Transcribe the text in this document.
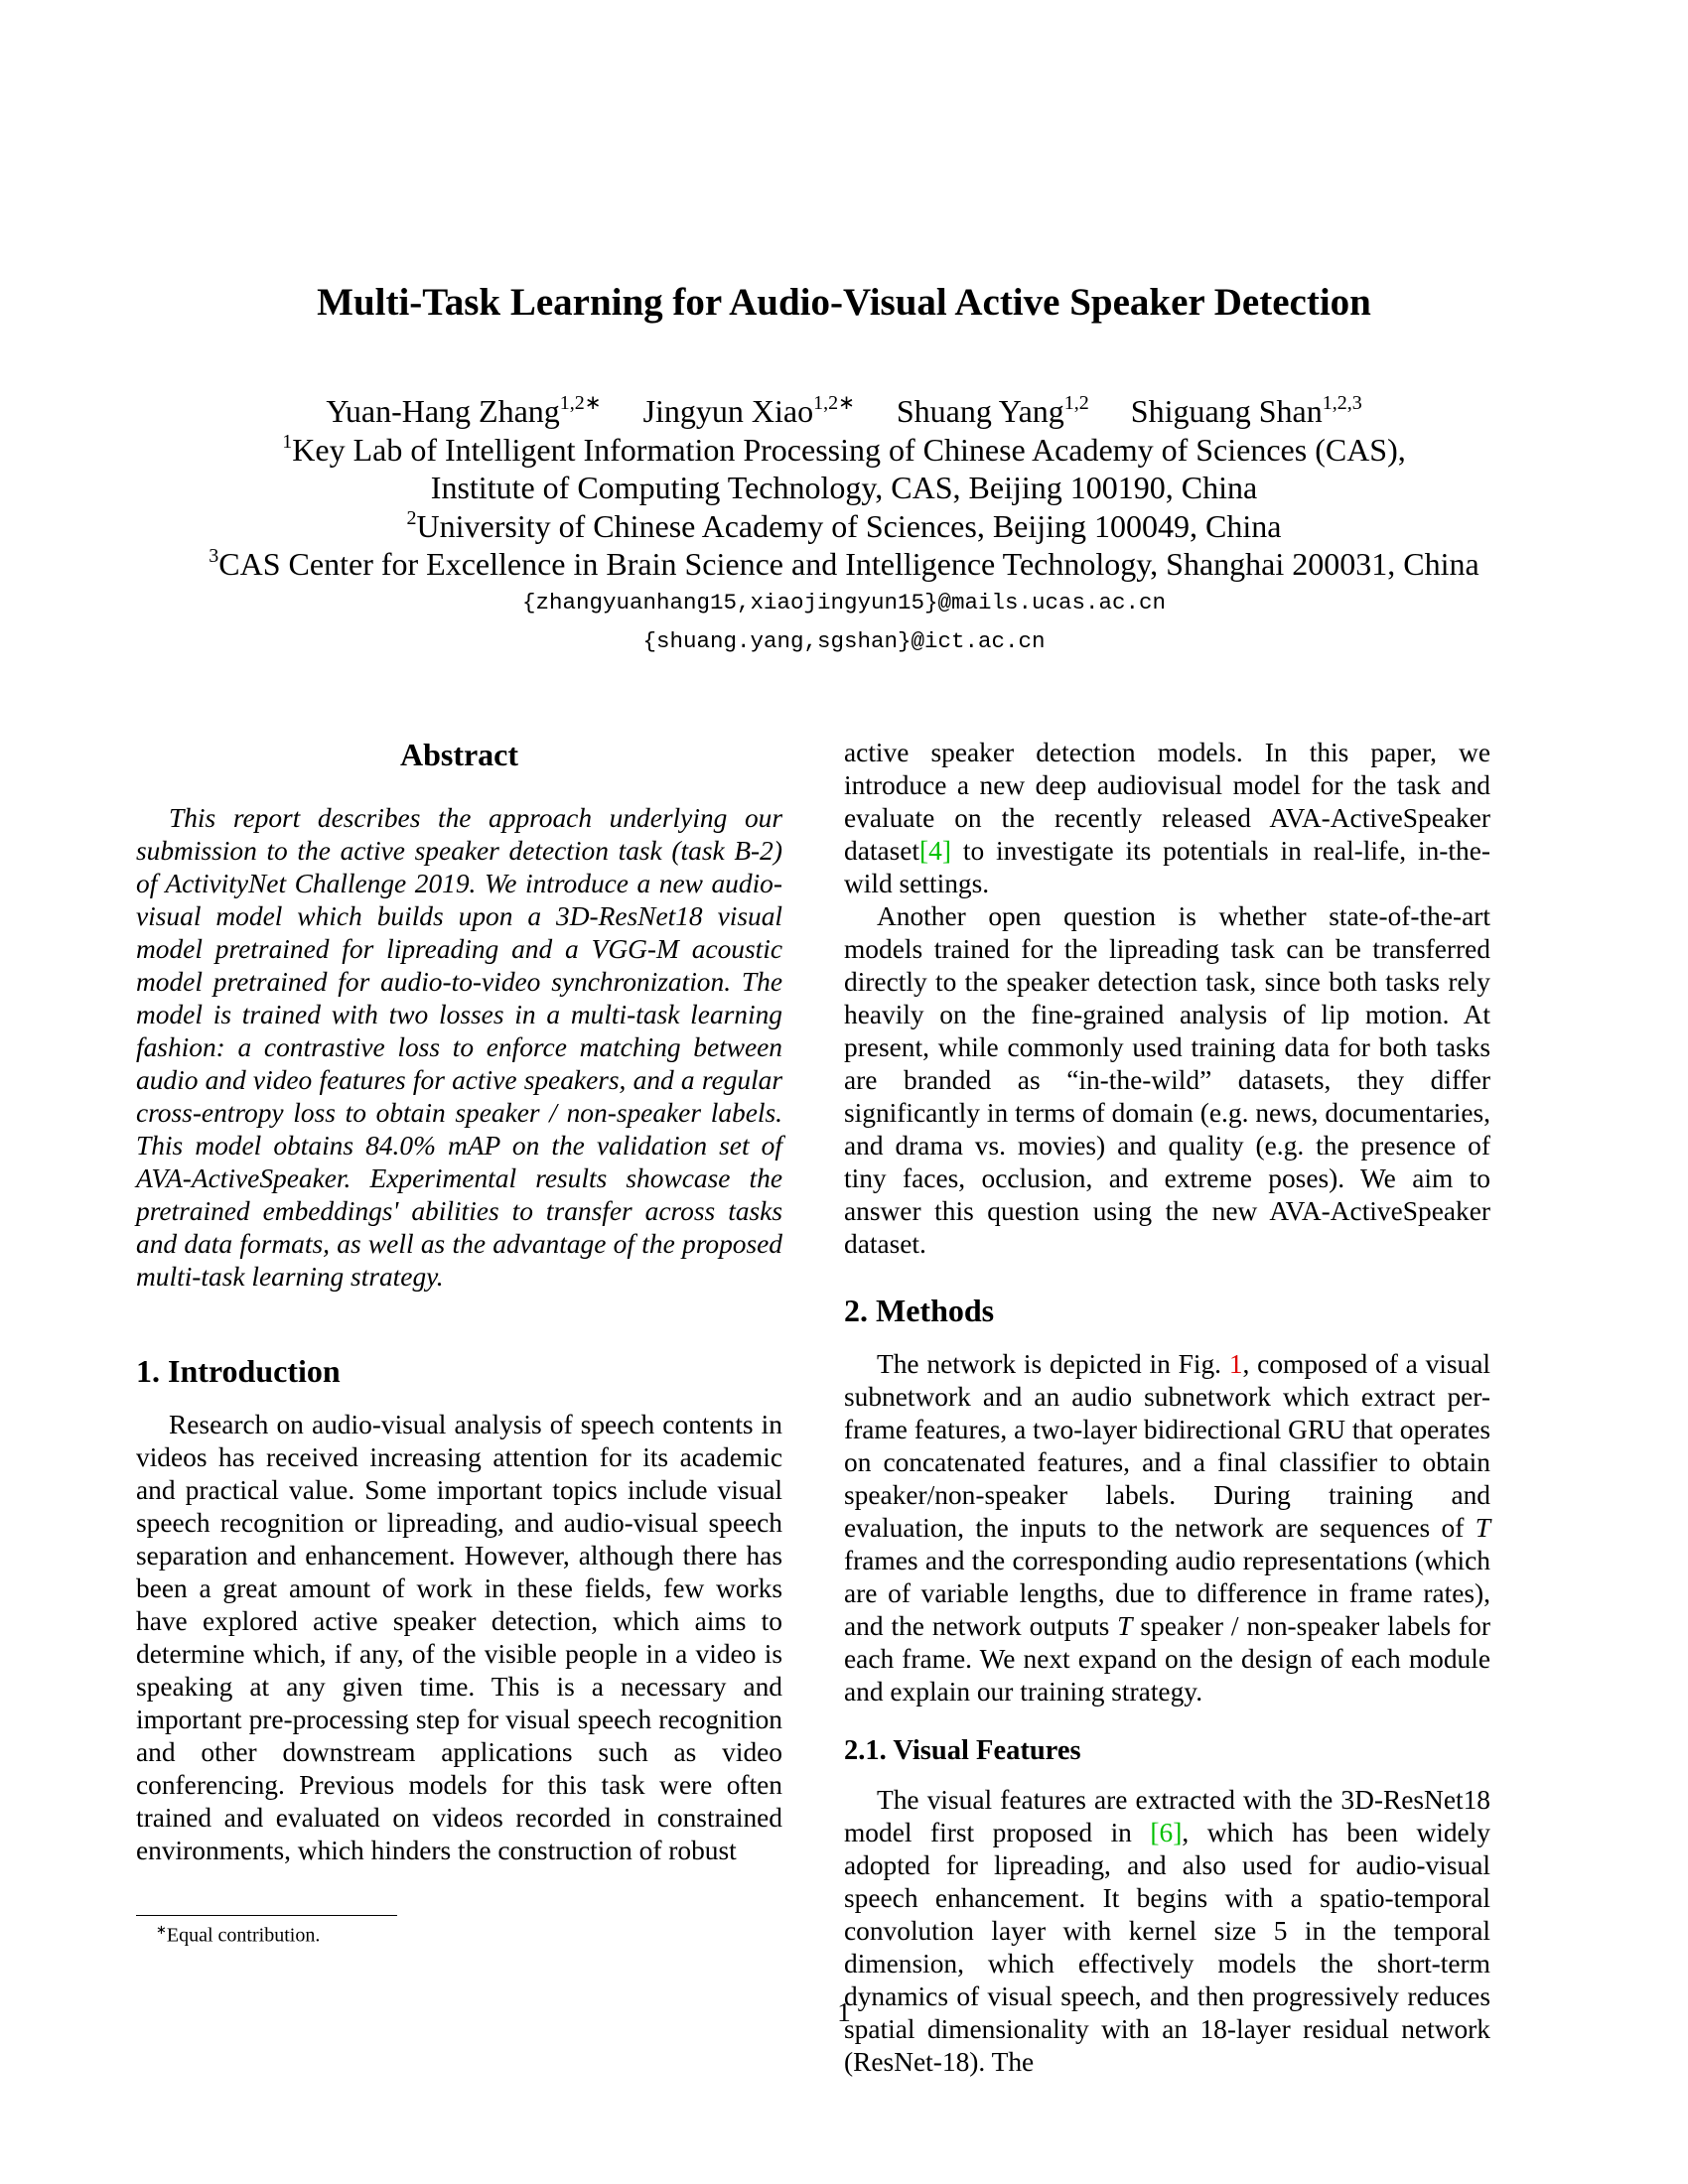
Multi-Task Learning for Audio-Visual Active Speaker Detection
Yuan-Hang Zhang$^{1,2∗}$ Jingyun Xiao$^{1,2∗}$ Shuang Yang$^{1,2}$ Shiguang Shan$^{1,2,3}$
$^1$Key Lab of Intelligent Information Processing of Chinese Academy of Sciences (CAS),
Institute of Computing Technology, CAS, Beijing 100190, China
$^2$University of Chinese Academy of Sciences, Beijing 100049, China
$^3$CAS Center for Excellence in Brain Science and Intelligence Technology, Shanghai 200031, China
{zhangyuanhang15,xiaojingyun15}@mails.ucas.ac.cn
{shuang.yang,sgshan}@ict.ac.cn
Abstract

This report describes the approach underlying our submission to the active speaker detection task (task B-2) of ActivityNet Challenge 2019. We introduce a new audio-visual model which builds upon a 3D-ResNet18 visual model pretrained for lipreading and a VGG-M acoustic model pretrained for audio-to-video synchronization. The model is trained with two losses in a multi-task learning fashion: a contrastive loss to enforce matching between audio and video features for active speakers, and a regular cross-entropy loss to obtain speaker / non-speaker labels. This model obtains 84.0% mAP on the validation set of AVA-ActiveSpeaker. Experimental results showcase the pretrained embeddings' abilities to transfer across tasks and data formats, as well as the advantage of the proposed multi-task learning strategy.

1. Introduction

Research on audio-visual analysis of speech contents in videos has received increasing attention for its academic and practical value. Some important topics include visual speech recognition or lipreading, and audio-visual speech separation and enhancement. However, although there has been a great amount of work in these fields, few works have explored active speaker detection, which aims to determine which, if any, of the visible people in a video is speaking at any given time. This is a necessary and important pre-processing step for visual speech recognition and other downstream applications such as video conferencing. Previous models for this task were often trained and evaluated on videos recorded in constrained environments, which hinders the construction of robust

∗Equal contribution.

active speaker detection models. In this paper, we introduce a new deep audiovisual model for the task and evaluate on the recently released AVA-ActiveSpeaker dataset[4] to investigate its potentials in real-life, in-the-wild settings.

Another open question is whether state-of-the-art models trained for the lipreading task can be transferred directly to the speaker detection task, since both tasks rely heavily on the fine-grained analysis of lip motion. At present, while commonly used training data for both tasks are branded as “in-the-wild” datasets, they differ significantly in terms of domain (e.g. news, documentaries, and drama vs. movies) and quality (e.g. the presence of tiny faces, occlusion, and extreme poses). We aim to answer this question using the new AVA-ActiveSpeaker dataset.

2. Methods

The network is depicted in Fig. 1, composed of a visual subnetwork and an audio subnetwork which extract per-frame features, a two-layer bidirectional GRU that operates on concatenated features, and a final classifier to obtain speaker/non-speaker labels. During training and evaluation, the inputs to the network are sequences of T frames and the corresponding audio representations (which are of variable lengths, due to difference in frame rates), and the network outputs T speaker / non-speaker labels for each frame. We next expand on the design of each module and explain our training strategy.

2.1. Visual Features

The visual features are extracted with the 3D-ResNet18 model first proposed in [6], which has been widely adopted for lipreading, and also used for audio-visual speech enhancement. It begins with a spatio-temporal convolution layer with kernel size 5 in the temporal dimension, which effectively models the short-term dynamics of visual speech, and then progressively reduces spatial dimensionality with an 18-layer residual network (ResNet-18). The

1
